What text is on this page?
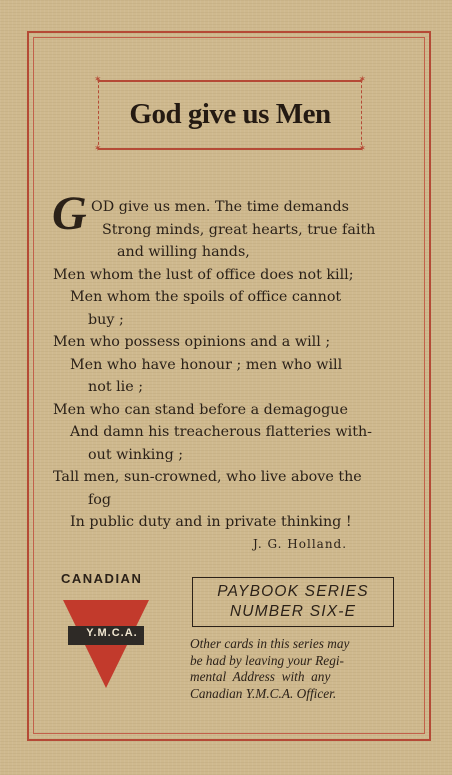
✶	✶
✶	✶
God give us Men
G OD give us men. The time demands
Strong minds, great hearts, true faith
and willing hands,
Men whom the lust of office does not kill;
Men whom the spoils of office cannot
buy ;
Men who possess opinions and a will ;
Men who have honour ; men who will
not lie ;
Men who can stand before a demagogue
And damn his treacherous flatteries with-
out winking ;
Tall men, sun-crowned, who live above the
fog
In public duty and in private thinking !
J. G. Holland.
CANADIAN
Y.M.C.A.
PAYBOOK SERIES
NUMBER SIX-E
Other cards in this series may
be had by leaving your Regi-
mental  Address  with  any
Canadian Y.M.C.A. Officer.
